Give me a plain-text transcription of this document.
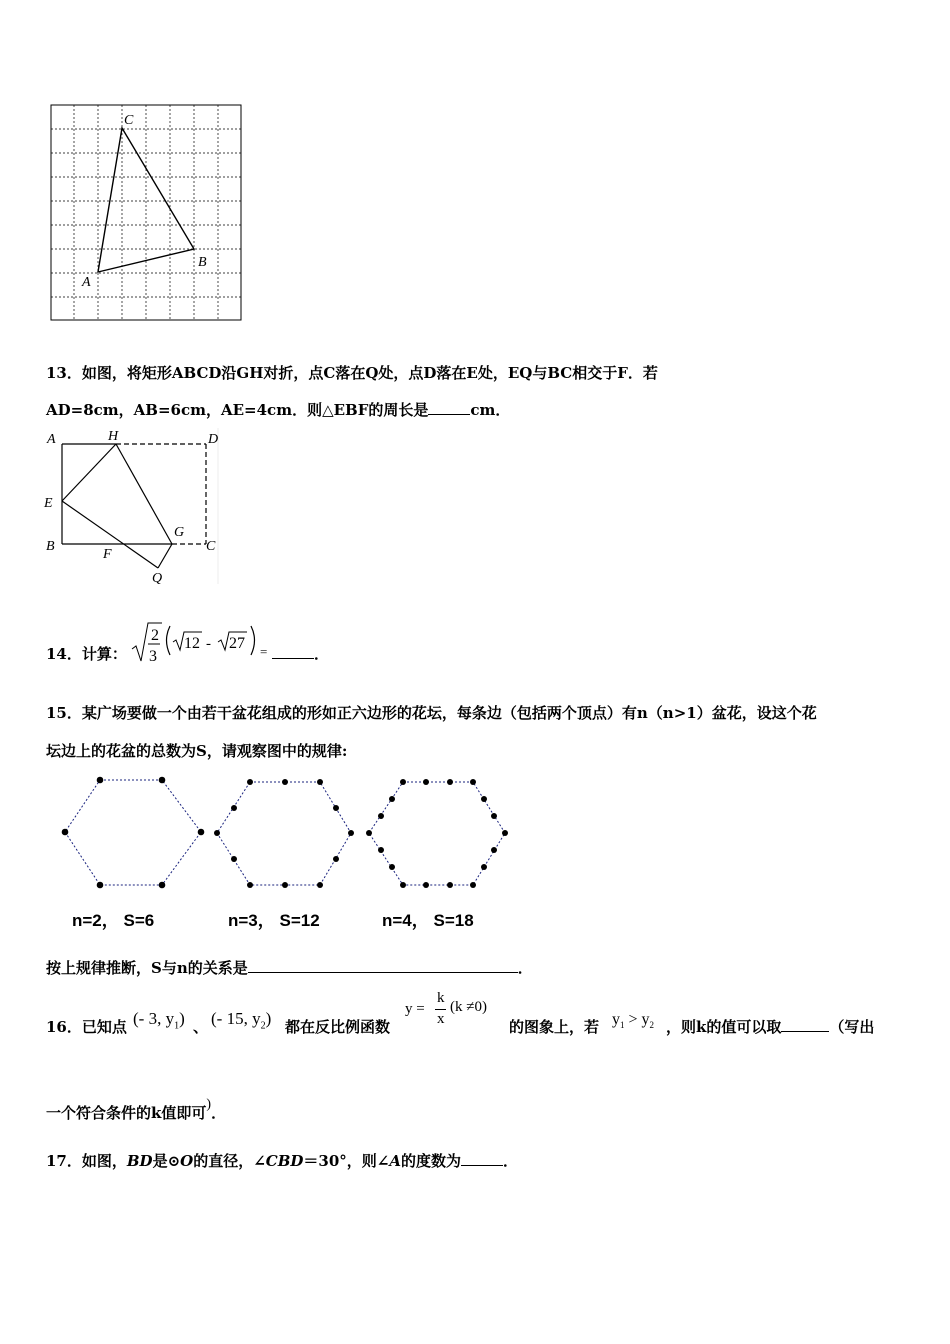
C
B
A
13．如图，将矩形ABCD沿GH对折，点C落在Q处，点D落在E处，EQ与BC相交于F．若
AD=8cm，AB=6cm，AE=4cm．则△EBF的周长是	cm．
A	H	D
E
G
B
F
C
Q
14．计算：
2
3
12 - 27 =	．
15．某广场要做一个由若干盆花组成的形如正六边形的花坛，每条边（包括两个顶点）有n（n>1）盆花，设这个花
坛边上的花盆的总数为S，请观察图中的规律:
n=2， S=6	n=3， S=12	n=4， S=18
按上规律推断，S与n的关系是	．
16．已知点 (- 3, $y_1$) 、 (- 15, $y_2$) 都在反比例函数
y =
k
x
(k ≠0)
的图象上，若 $y_1 > y_2$ ，则k的值可以取	（写出
一个符合条件的k值即可)．
17．如图，BD是⊙O的直径，∠CBD＝30°，则∠A的度数为	．
